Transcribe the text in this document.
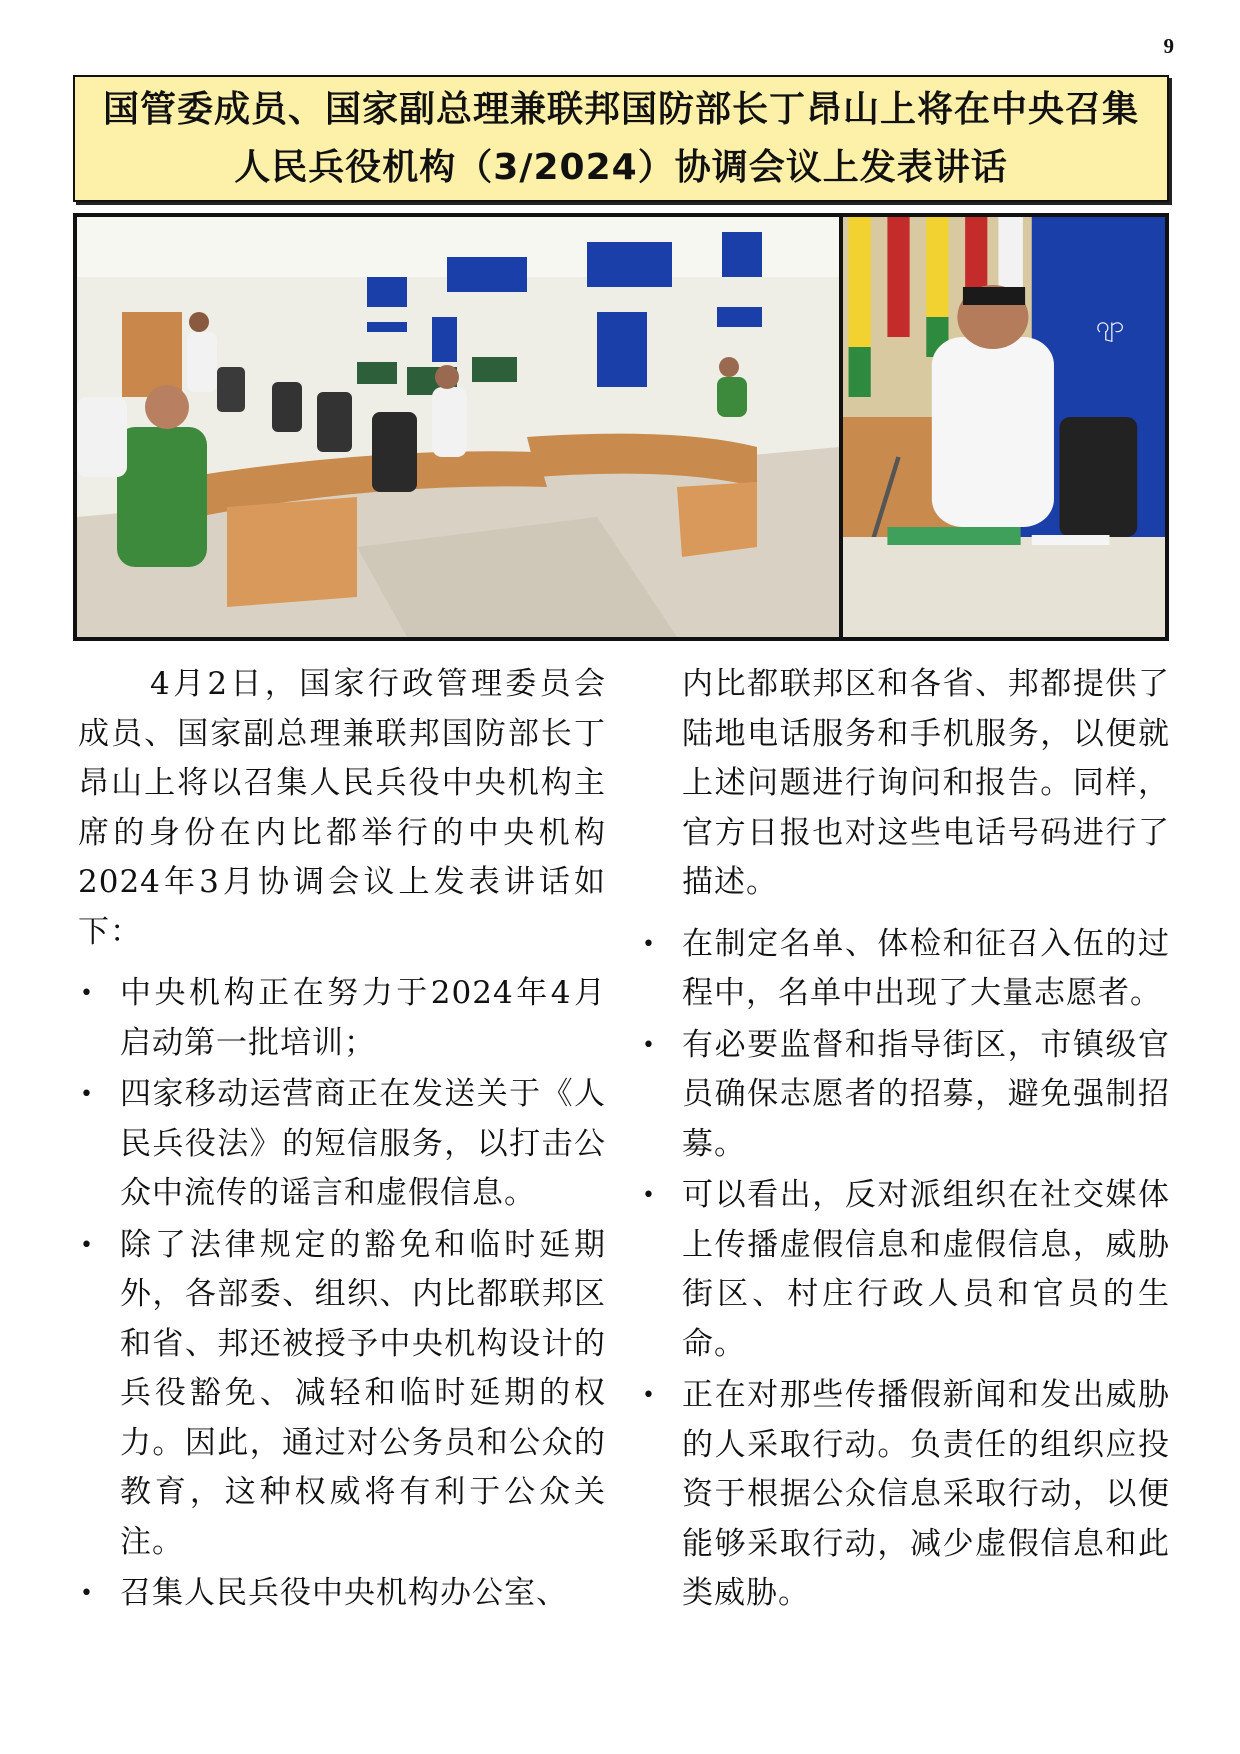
9
国管委成员、国家副总理兼联邦国防部长丁昂山上将在中央召集人民兵役机构（3/2024）协调会议上发表讲话
ဂျာ

4月2日，国家行政管理委员会成员、国家副总理兼联邦国防部长丁昂山上将以召集人民兵役中央机构主席的身份在内比都举行的中央机构2024年3月协调会议上发表讲话如下：

• 中央机构正在努力于2024年4月启动第一批培训；
• 四家移动运营商正在发送关于《人民兵役法》的短信服务，以打击公众中流传的谣言和虚假信息。
• 除了法律规定的豁免和临时延期外，各部委、组织、内比都联邦区和省、邦还被授予中央机构设计的兵役豁免、减轻和临时延期的权力。因此，通过对公务员和公众的教育，这种权威将有利于公众关注。
• 召集人民兵役中央机构办公室、

内比都联邦区和各省、邦都提供了陆地电话服务和手机服务，以便就上述问题进行询问和报告。同样，官方日报也对这些电话号码进行了描述。

• 在制定名单、体检和征召入伍的过程中，名单中出现了大量志愿者。
• 有必要监督和指导街区，市镇级官员确保志愿者的招募，避免强制招募。
• 可以看出，反对派组织在社交媒体上传播虚假信息和虚假信息，威胁街区、村庄行政人员和官员的生命。
• 正在对那些传播假新闻和发出威胁的人采取行动。负责任的组织应投资于根据公众信息采取行动，以便能够采取行动，减少虚假信息和此类威胁。
